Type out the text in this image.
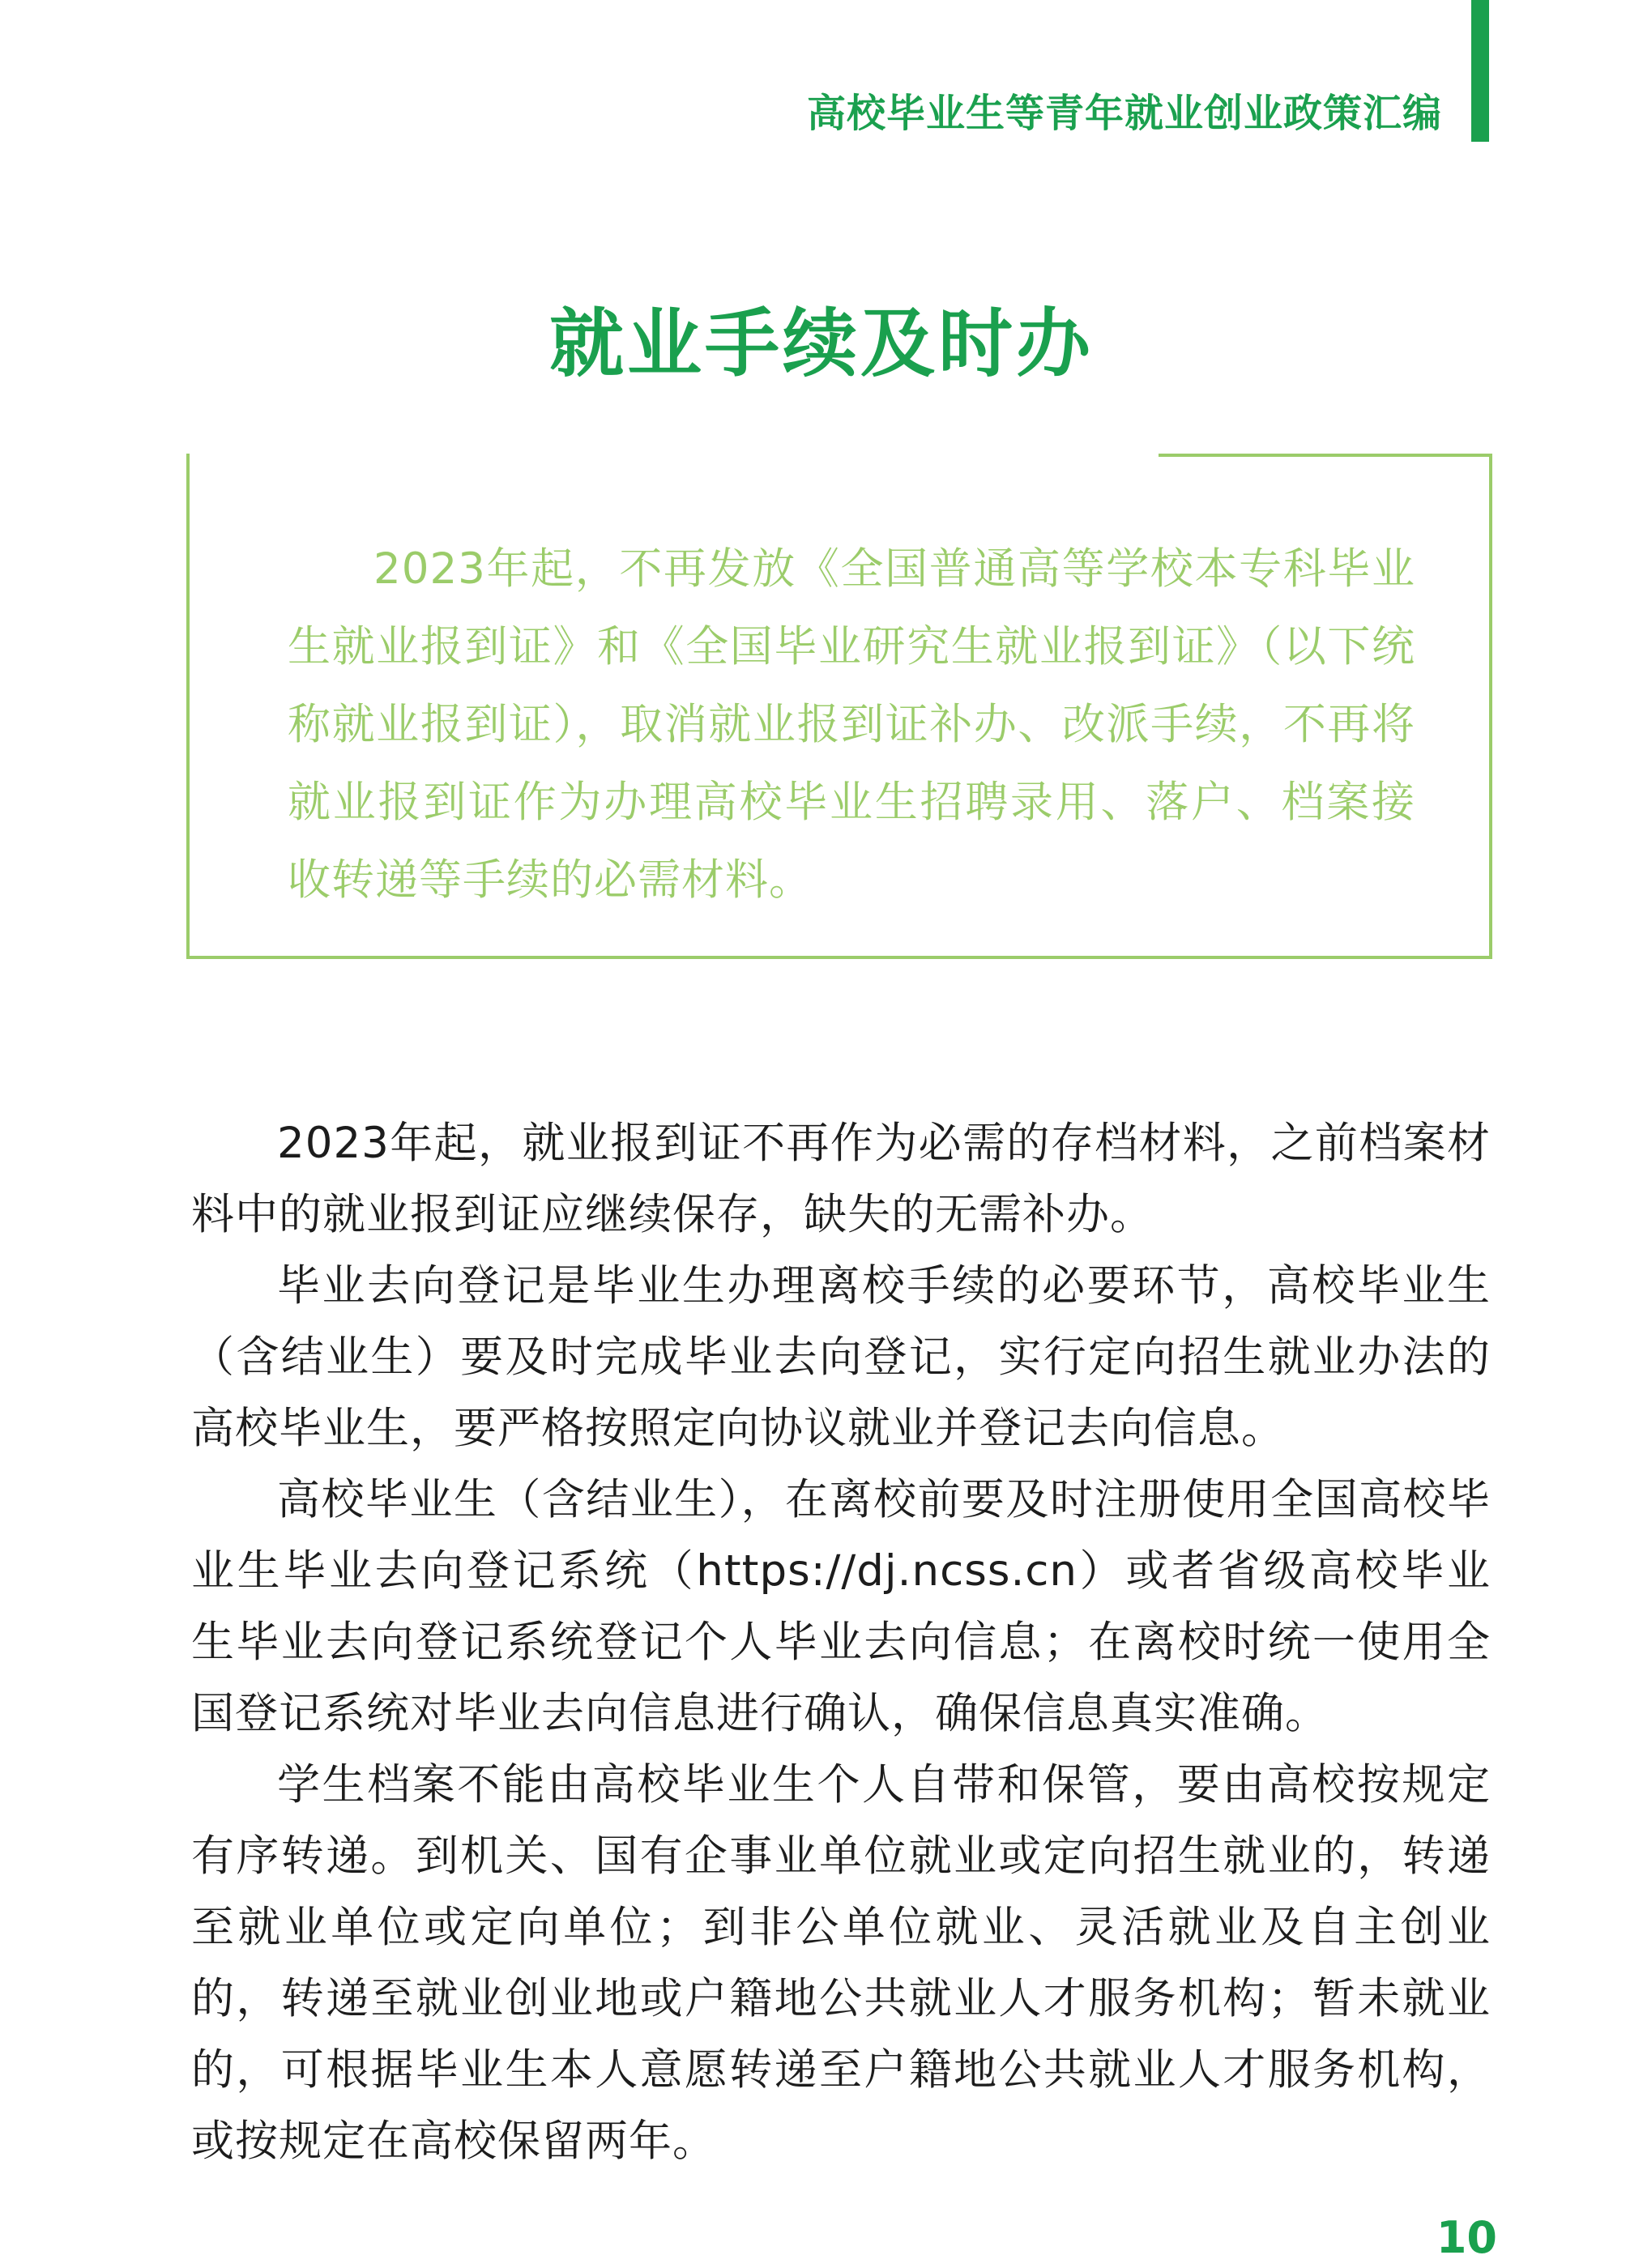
高校毕业生等青年就业创业政策汇编
就业手续及时办
2023年起，不再发放《全国普通高等学校本专科毕业生就业报到证》和《全国毕业研究生就业报到证》（以下统称就业报到证），取消就业报到证补办、改派手续，不再将就业报到证作为办理高校毕业生招聘录用、落户、档案接收转递等手续的必需材料。

2023年起，就业报到证不再作为必需的存档材料，之前档案材料中的就业报到证应继续保存，缺失的无需补办。

毕业去向登记是毕业生办理离校手续的必要环节，高校毕业生（含结业生）要及时完成毕业去向登记，实行定向招生就业办法的高校毕业生，要严格按照定向协议就业并登记去向信息。

高校毕业生（含结业生），在离校前要及时注册使用全国高校毕业生毕业去向登记系统（https://dj.ncss.cn）或者省级高校毕业生毕业去向登记系统登记个人毕业去向信息；在离校时统一使用全国登记系统对毕业去向信息进行确认，确保信息真实准确。

学生档案不能由高校毕业生个人自带和保管，要由高校按规定有序转递。到机关、国有企事业单位就业或定向招生就业的，转递至就业单位或定向单位；到非公单位就业、灵活就业及自主创业的，转递至就业创业地或户籍地公共就业人才服务机构；暂未就业的，可根据毕业生本人意愿转递至户籍地公共就业人才服务机构，或按规定在高校保留两年。

10
